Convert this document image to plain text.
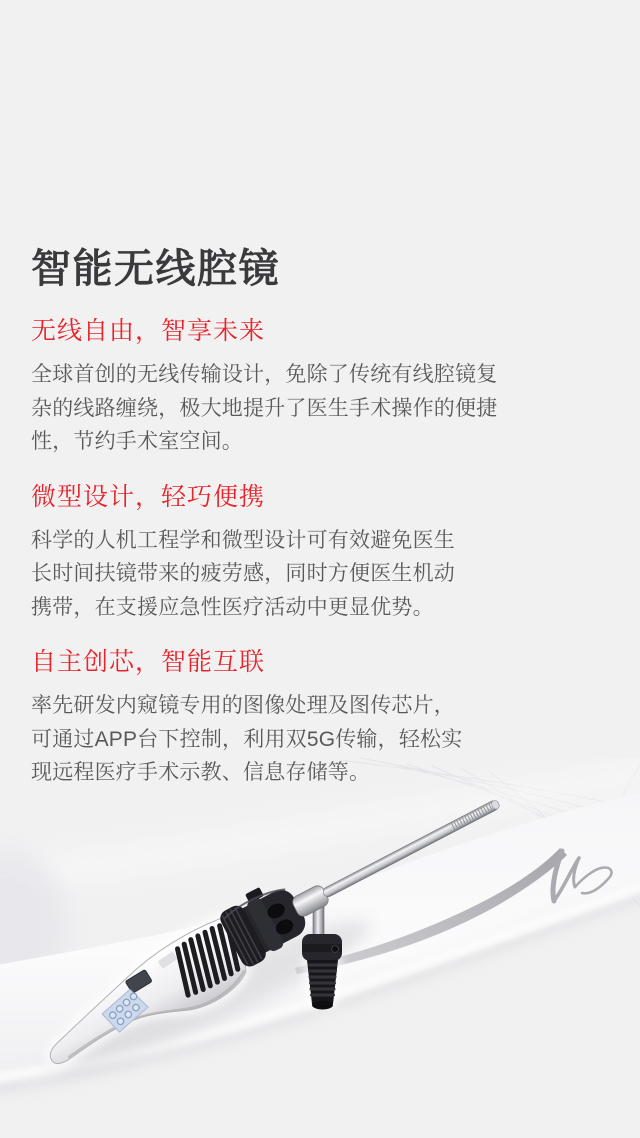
智能无线腔镜
无线自由，智享未来
全球首创的无线传输设计，免除了传统有线腔镜复
杂的线路缠绕，极大地提升了医生手术操作的便捷
性，节约手术室空间。
微型设计，轻巧便携
科学的人机工程学和微型设计可有效避免医生
长时间扶镜带来的疲劳感，同时方便医生机动
携带，在支援应急性医疗活动中更显优势。
自主创芯，智能互联
率先研发内窥镜专用的图像处理及图传芯片，
可通过APP台下控制，利用双5G传输，轻松实
现远程医疗手术示教、信息存储等。
